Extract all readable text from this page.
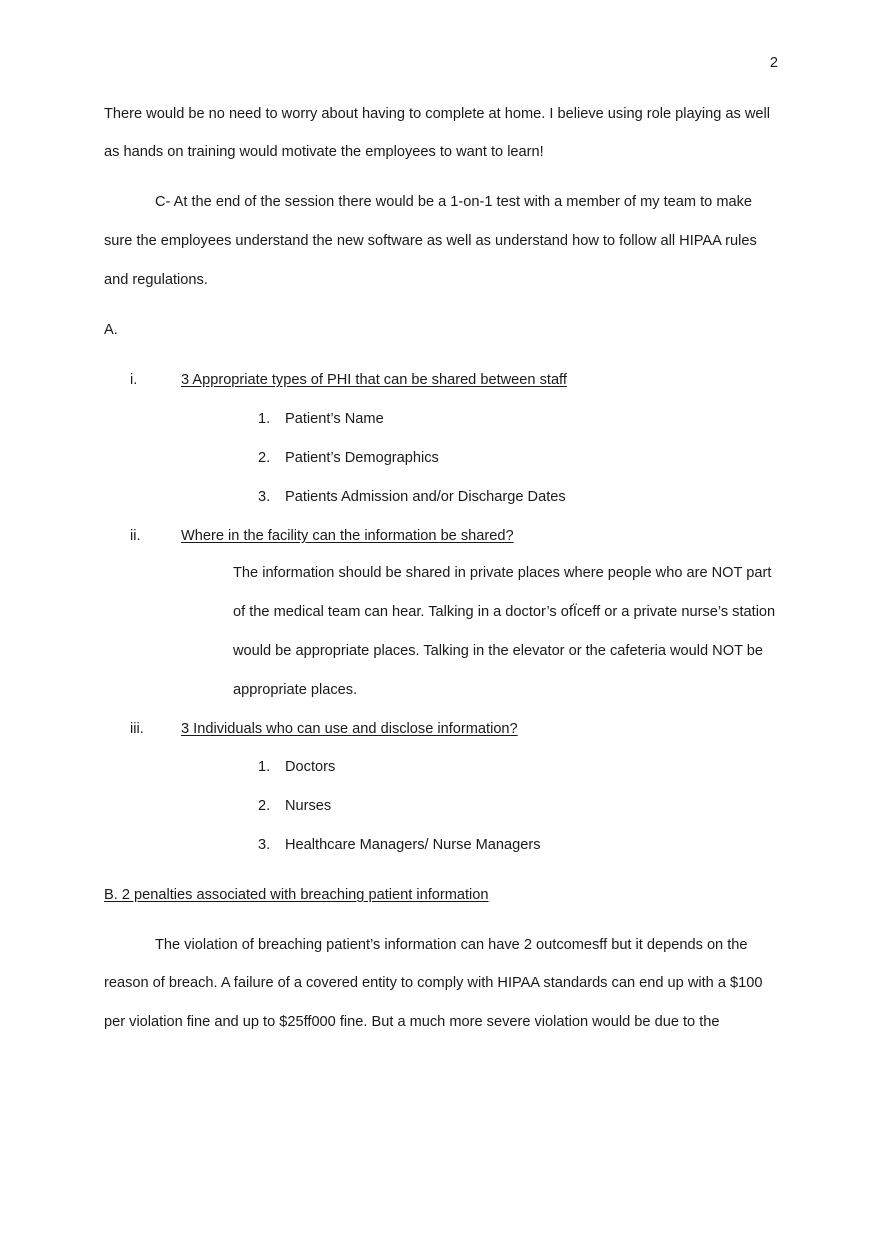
2
There would be no need to worry about having to complete at home. I believe using role playing as well
as hands on training would motivate the employees to want to learn!
C- At the end of the session there would be a 1-on-1 test with a member of my team to make
sure the employees understand the new software as well as understand how to follow all HIPAA rules
and regulations.
A.
i.	3 Appropriate types of PHI that can be shared between staff
1. Patient’s Name
2. Patient’s Demographics
3. Patients Admission and/or Discharge Dates
ii.	Where in the facility can the information be shared?
The information should be shared in private places where people who are NOT part
of the medical team can hear. Talking in a doctor’s ofÏceff or a private nurse’s station
would be appropriate places. Talking in the elevator or the cafeteria would NOT be
appropriate places.
iii.	3 Individuals who can use and disclose information?
1. Doctors
2. Nurses
3. Healthcare Managers/ Nurse Managers
B. 2 penalties associated with breaching patient information
The violation of breaching patient’s information can have 2 outcomesff but it depends on the
reason of breach. A failure of a covered entity to comply with HIPAA standards can end up with a $100
per violation fine and up to $25ff000 fine. But a much more severe violation would be due to the
